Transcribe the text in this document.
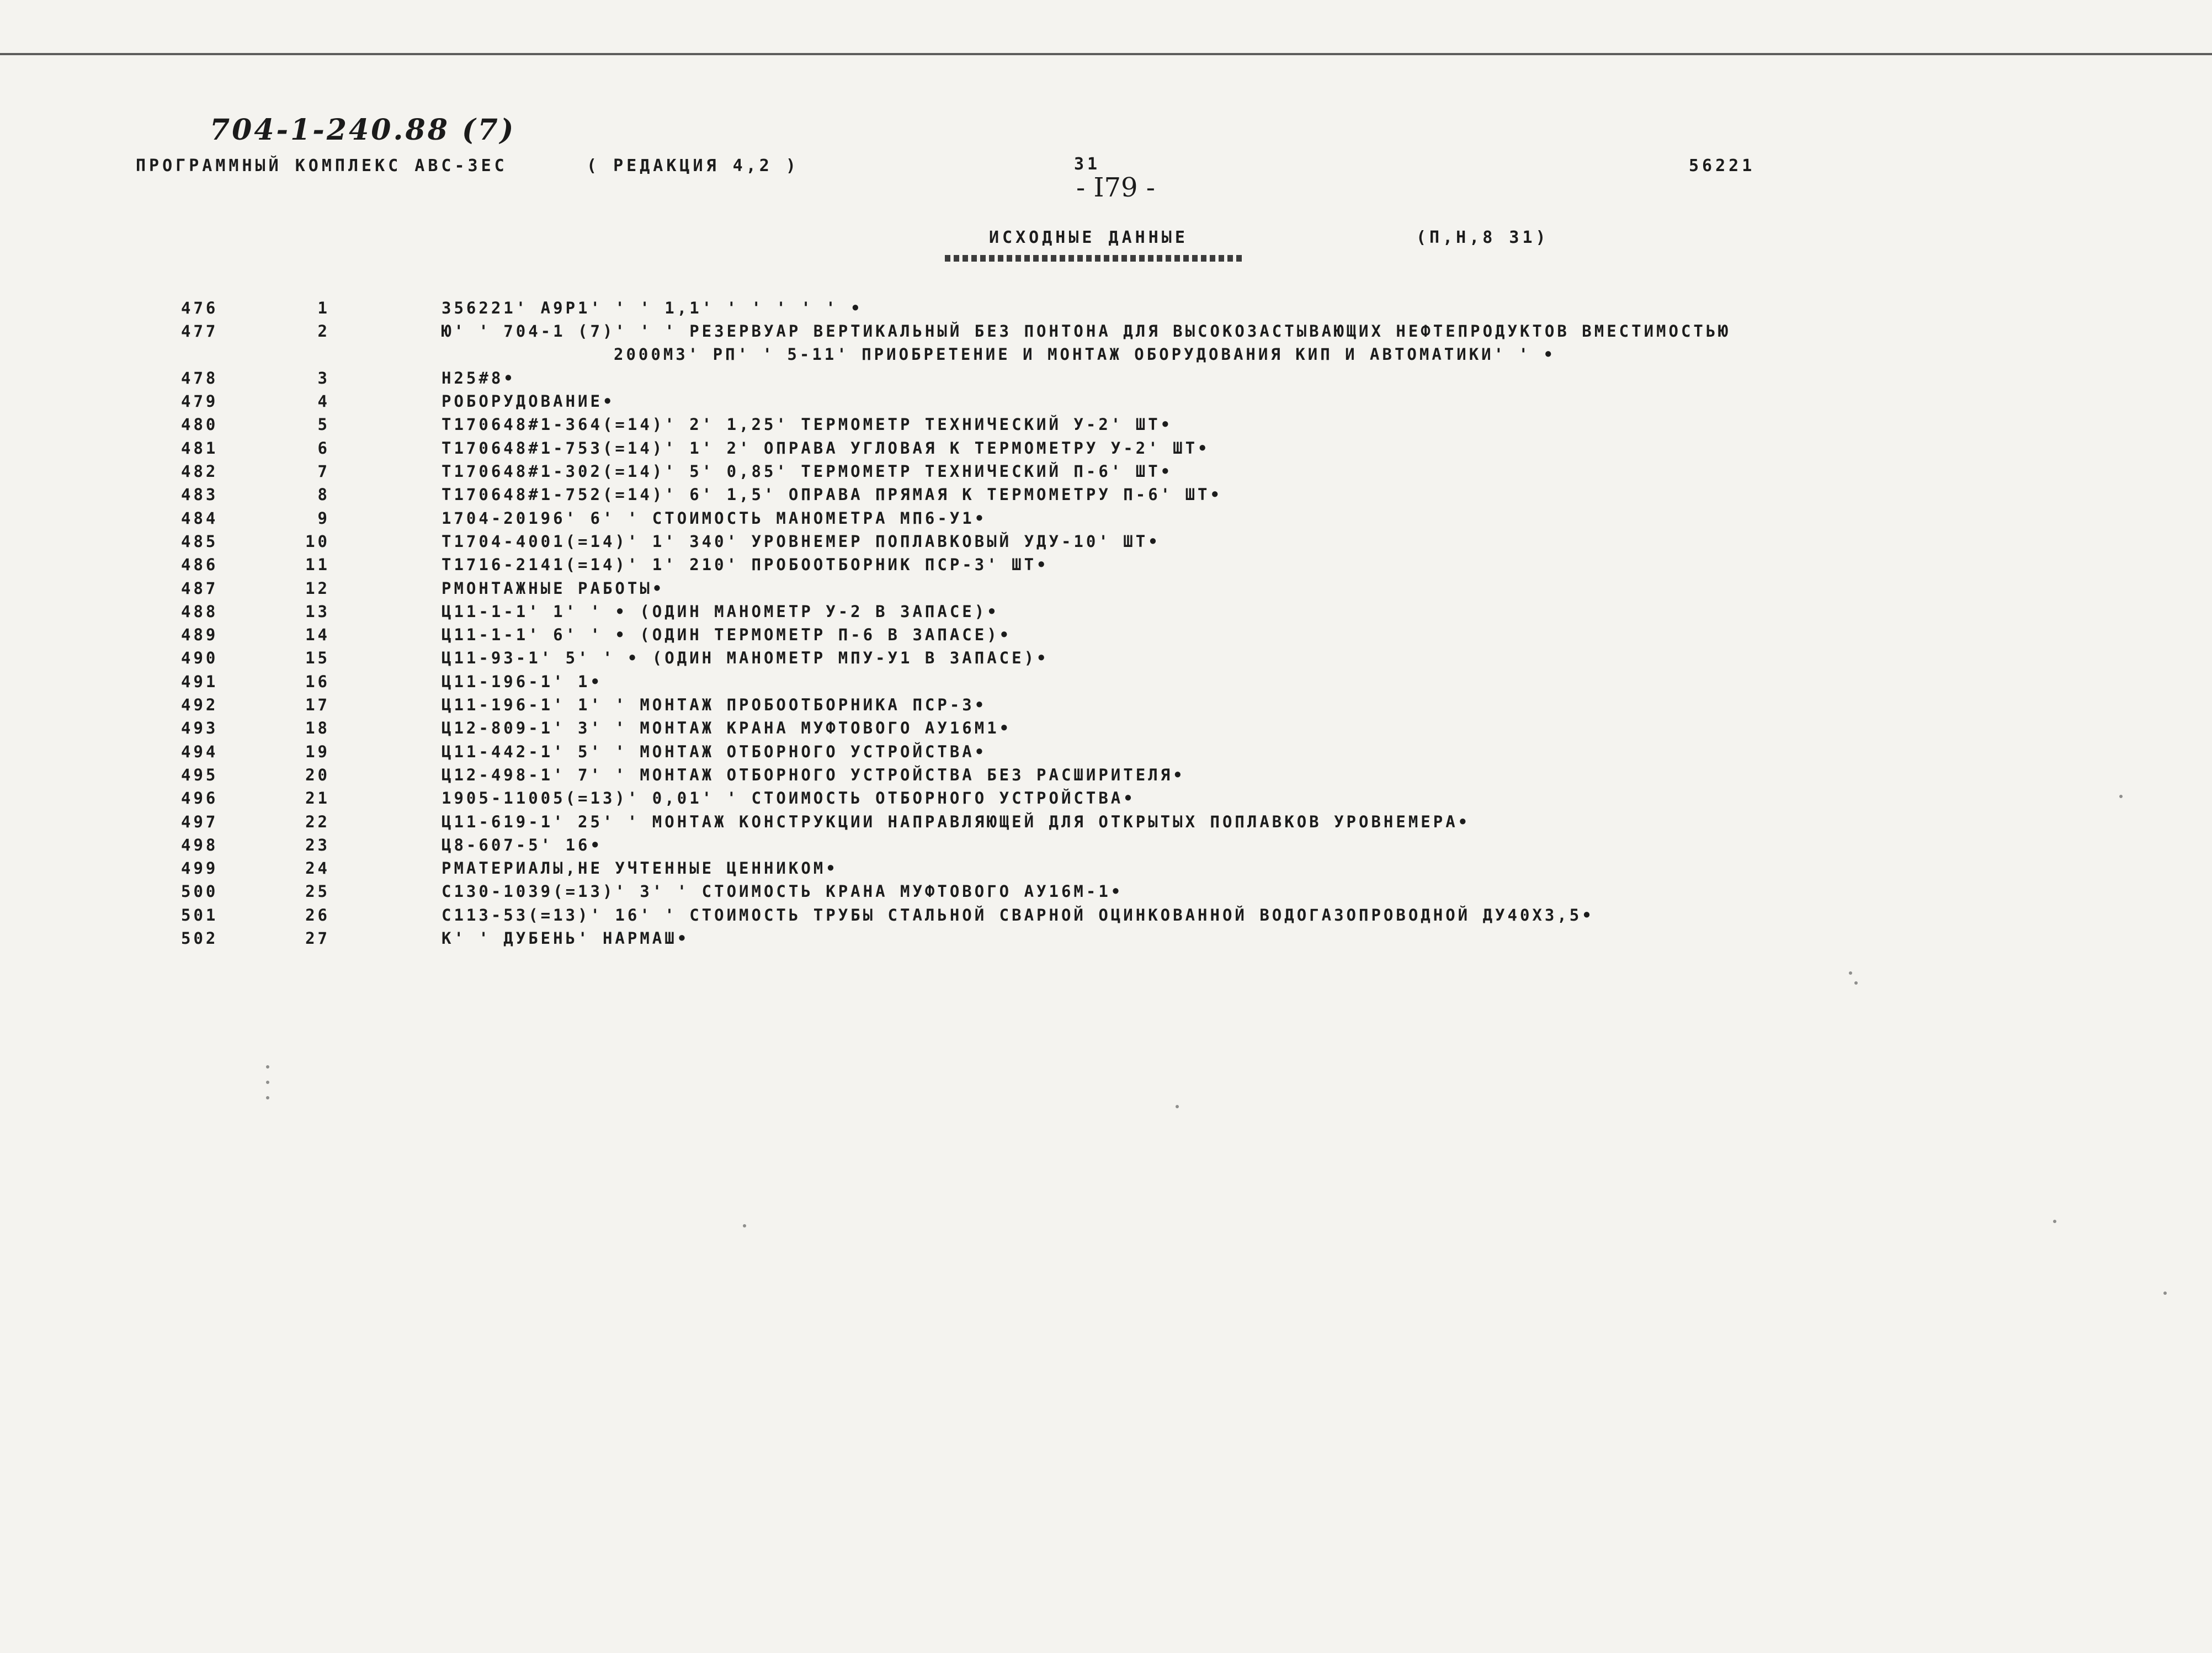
704-1-240.88 (7)
ПРОГРАММНЫЙ КОМПЛЕКС АВС-ЗЕС	( РЕДАКЦИЯ 4,2 )	31	56221
- I79 -
ИСХОДНЫЕ ДАННЫЕ	(П,Н,8 31)
476	1	356221' А9Р1' ' ' 1,1' ' ' ' ' ' •
477	2	Ю' ' 704-1 (7)' ' ' РЕЗЕРВУАР ВЕРТИКАЛЬНЫЙ БЕЗ ПОНТОНА ДЛЯ ВЫСОКОЗАСТЫВАЮЩИХ НЕФТЕПРОДУКТОВ ВМЕСТИМОСТЬЮ
2000МЗ' РП' ' 5-11' ПРИОБРЕТЕНИЕ И МОНТАЖ ОБОРУДОВАНИЯ КИП И АВТОМАТИКИ' ' •
478	3	Н25#8•
479	4	РОБОРУДОВАНИЕ•
480	5	Т170648#1-364(=14)' 2' 1,25' ТЕРМОМЕТР ТЕХНИЧЕСКИЙ У-2' ШТ•
481	6	Т170648#1-753(=14)' 1' 2' ОПРАВА УГЛОВАЯ К ТЕРМОМЕТРУ У-2' ШТ•
482	7	Т170648#1-302(=14)' 5' 0,85' ТЕРМОМЕТР ТЕХНИЧЕСКИЙ П-6' ШТ•
483	8	Т170648#1-752(=14)' 6' 1,5' ОПРАВА ПРЯМАЯ К ТЕРМОМЕТРУ П-6' ШТ•
484	9	1704-20196' 6' ' СТОИМОСТЬ МАНОМЕТРА МП6-У1•
485	10	Т1704-4001(=14)' 1' 340' УРОВНЕМЕР ПОПЛАВКОВЫЙ УДУ-10' ШТ•
486	11	Т1716-2141(=14)' 1' 210' ПРОБООТБОРНИК ПСР-3' ШТ•
487	12	РМОНТАЖНЫЕ РАБОТЫ•
488	13	Ц11-1-1' 1' ' • (ОДИН МАНОМЕТР У-2 В ЗАПАСЕ)•
489	14	Ц11-1-1' 6' ' • (ОДИН ТЕРМОМЕТР П-6 В ЗАПАСЕ)•
490	15	Ц11-93-1' 5' ' • (ОДИН МАНОМЕТР МПУ-У1 В ЗАПАСЕ)•
491	16	Ц11-196-1' 1•
492	17	Ц11-196-1' 1' ' МОНТАЖ ПРОБООТБОРНИКА ПСР-3•
493	18	Ц12-809-1' 3' ' МОНТАЖ КРАНА МУФТОВОГО АУ16М1•
494	19	Ц11-442-1' 5' ' МОНТАЖ ОТБОРНОГО УСТРОЙСТВА•
495	20	Ц12-498-1' 7' ' МОНТАЖ ОТБОРНОГО УСТРОЙСТВА БЕЗ РАСШИРИТЕЛЯ•
496	21	1905-11005(=13)' 0,01' ' СТОИМОСТЬ ОТБОРНОГО УСТРОЙСТВА•
497	22	Ц11-619-1' 25' ' МОНТАЖ КОНСТРУКЦИИ НАПРАВЛЯЮЩЕЙ ДЛЯ ОТКРЫТЫХ ПОПЛАВКОВ УРОВНЕМЕРА•
498	23	Ц8-607-5' 16•
499	24	РМАТЕРИАЛЫ,НЕ УЧТЕННЫЕ ЦЕННИКОМ•
500	25	С130-1039(=13)' 3' ' СТОИМОСТЬ КРАНА МУФТОВОГО АУ16М-1•
501	26	С113-53(=13)' 16' ' СТОИМОСТЬ ТРУБЫ СТАЛЬНОЙ СВАРНОЙ ОЦИНКОВАННОЙ ВОДОГАЗОПРОВОДНОЙ ДУ40Х3,5•
502	27	К' ' ДУБЕНЬ' НАРМАШ•
